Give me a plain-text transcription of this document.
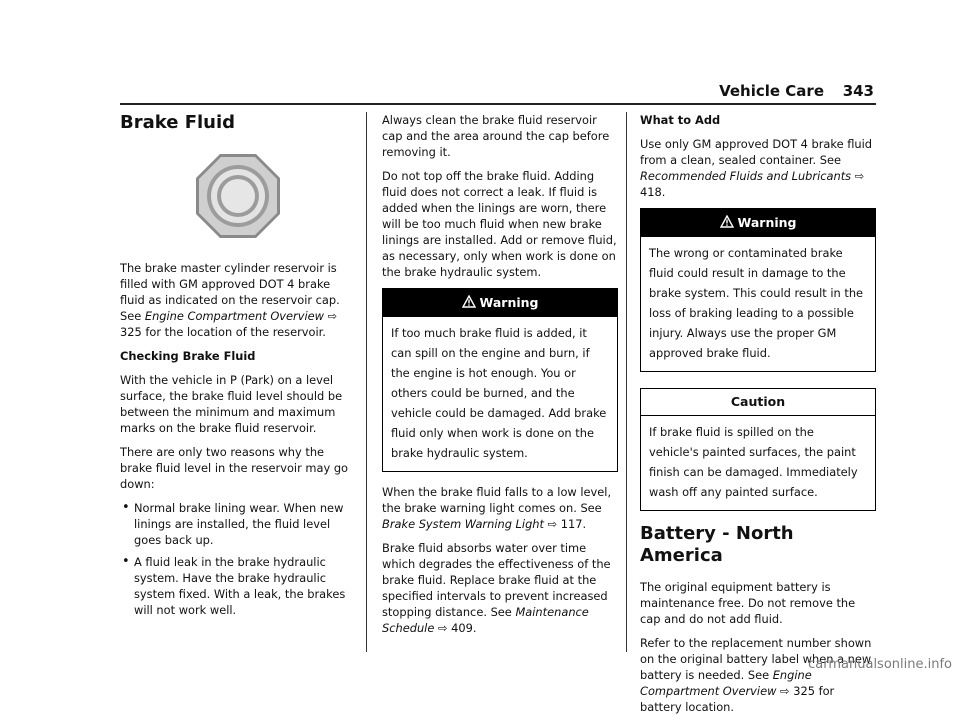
Vehicle Care 343
Brake Fluid

The brake master cylinder reservoir is filled with GM approved DOT 4 brake fluid as indicated on the reservoir cap. See Engine Compartment Overview ⇨ 325 for the location of the reservoir.

Checking Brake Fluid

With the vehicle in P (Park) on a level surface, the brake fluid level should be between the minimum and maximum marks on the brake fluid reservoir.

There are only two reasons why the brake fluid level in the reservoir may go down:

• Normal brake lining wear. When new linings are installed, the fluid level goes back up.
• A fluid leak in the brake hydraulic system. Have the brake hydraulic system fixed. With a leak, the brakes will not work well.

Always clean the brake fluid reservoir cap and the area around the cap before removing it.

Do not top off the brake fluid. Adding fluid does not correct a leak. If fluid is added when the linings are worn, there will be too much fluid when new brake linings are installed. Add or remove fluid, as necessary, only when work is done on the brake hydraulic system.

Warning
If too much brake fluid is added, it can spill on the engine and burn, if the engine is hot enough. You or others could be burned, and the vehicle could be damaged. Add brake fluid only when work is done on the brake hydraulic system.

When the brake fluid falls to a low level, the brake warning light comes on. See Brake System Warning Light ⇨ 117.

Brake fluid absorbs water over time which degrades the effectiveness of the brake fluid. Replace brake fluid at the specified intervals to prevent increased stopping distance. See Maintenance Schedule ⇨ 409.

What to Add

Use only GM approved DOT 4 brake fluid from a clean, sealed container. See Recommended Fluids and Lubricants ⇨ 418.

Warning
The wrong or contaminated brake fluid could result in damage to the brake system. This could result in the loss of braking leading to a possible injury. Always use the proper GM approved brake fluid.
Caution
If brake fluid is spilled on the vehicle's painted surfaces, the paint finish can be damaged. Immediately wash off any painted surface.
Battery - North America

The original equipment battery is maintenance free. Do not remove the cap and do not add fluid.

Refer to the replacement number shown on the original battery label when a new battery is needed. See Engine Compartment Overview ⇨ 325 for battery location.

carmanualsonline.info
